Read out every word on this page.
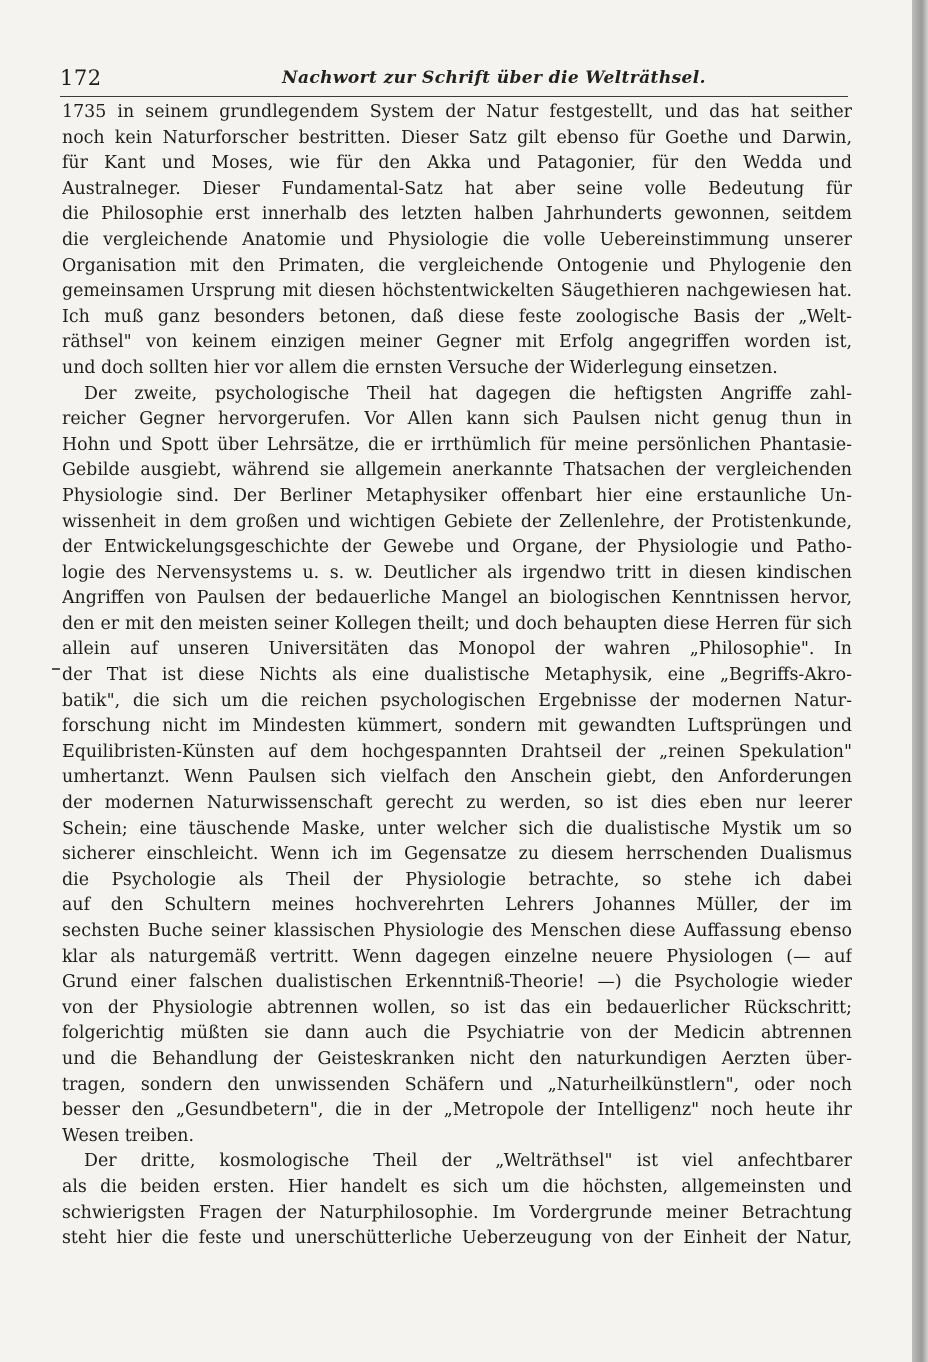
172	Nachwort zur Schrift über die Welträthsel.
1735 in seinem grundlegendem System der Natur festgestellt, und das hat seither
noch kein Naturforscher bestritten. Dieser Satz gilt ebenso für Goethe und Darwin,
für Kant und Moses, wie für den Akka und Patagonier, für den Wedda und
Australneger. Dieser Fundamental-Satz hat aber seine volle Bedeutung für
die Philosophie erst innerhalb des letzten halben Jahrhunderts gewonnen, seitdem
die vergleichende Anatomie und Physiologie die volle Uebereinstimmung unserer
Organisation mit den Primaten, die vergleichende Ontogenie und Phylogenie den
gemeinsamen Ursprung mit diesen höchstentwickelten Säugethieren nachgewiesen hat.
Ich muß ganz besonders betonen, daß diese feste zoologische Basis der „Welt-
räthsel" von keinem einzigen meiner Gegner mit Erfolg angegriffen worden ist,
und doch sollten hier vor allem die ernsten Versuche der Widerlegung einsetzen.
Der zweite, psychologische Theil hat dagegen die heftigsten Angriffe zahl-
reicher Gegner hervorgerufen. Vor Allen kann sich Paulsen nicht genug thun in
Hohn und Spott über Lehrsätze, die er irrthümlich für meine persönlichen Phantasie-
Gebilde ausgiebt, während sie allgemein anerkannte Thatsachen der vergleichenden
Physiologie sind. Der Berliner Metaphysiker offenbart hier eine erstaunliche Un-
wissenheit in dem großen und wichtigen Gebiete der Zellenlehre, der Protistenkunde,
der Entwickelungsgeschichte der Gewebe und Organe, der Physiologie und Patho-
logie des Nervensystems u. s. w. Deutlicher als irgendwo tritt in diesen kindischen
Angriffen von Paulsen der bedauerliche Mangel an biologischen Kenntnissen hervor,
den er mit den meisten seiner Kollegen theilt; und doch behaupten diese Herren für sich
allein auf unseren Universitäten das Monopol der wahren „Philosophie". In
der That ist diese Nichts als eine dualistische Metaphysik, eine „Begriffs-Akro-
batik", die sich um die reichen psychologischen Ergebnisse der modernen Natur-
forschung nicht im Mindesten kümmert, sondern mit gewandten Luftsprüngen und
Equilibristen-Künsten auf dem hochgespannten Drahtseil der „reinen Spekulation"
umhertanzt. Wenn Paulsen sich vielfach den Anschein giebt, den Anforderungen
der modernen Naturwissenschaft gerecht zu werden, so ist dies eben nur leerer
Schein; eine täuschende Maske, unter welcher sich die dualistische Mystik um so
sicherer einschleicht. Wenn ich im Gegensatze zu diesem herrschenden Dualismus
die Psychologie als Theil der Physiologie betrachte, so stehe ich dabei
auf den Schultern meines hochverehrten Lehrers Johannes Müller, der im
sechsten Buche seiner klassischen Physiologie des Menschen diese Auffassung ebenso
klar als naturgemäß vertritt. Wenn dagegen einzelne neuere Physiologen (— auf
Grund einer falschen dualistischen Erkenntniß-Theorie! —) die Psychologie wieder
von der Physiologie abtrennen wollen, so ist das ein bedauerlicher Rückschritt;
folgerichtig müßten sie dann auch die Psychiatrie von der Medicin abtrennen
und die Behandlung der Geisteskranken nicht den naturkundigen Aerzten über-
tragen, sondern den unwissenden Schäfern und „Naturheilkünstlern", oder noch
besser den „Gesundbetern", die in der „Metropole der Intelligenz" noch heute ihr
Wesen treiben.
Der dritte, kosmologische Theil der „Welträthsel" ist viel anfechtbarer
als die beiden ersten. Hier handelt es sich um die höchsten, allgemeinsten und
schwierigsten Fragen der Naturphilosophie. Im Vordergrunde meiner Betrachtung
steht hier die feste und unerschütterliche Ueberzeugung von der Einheit der Natur,
